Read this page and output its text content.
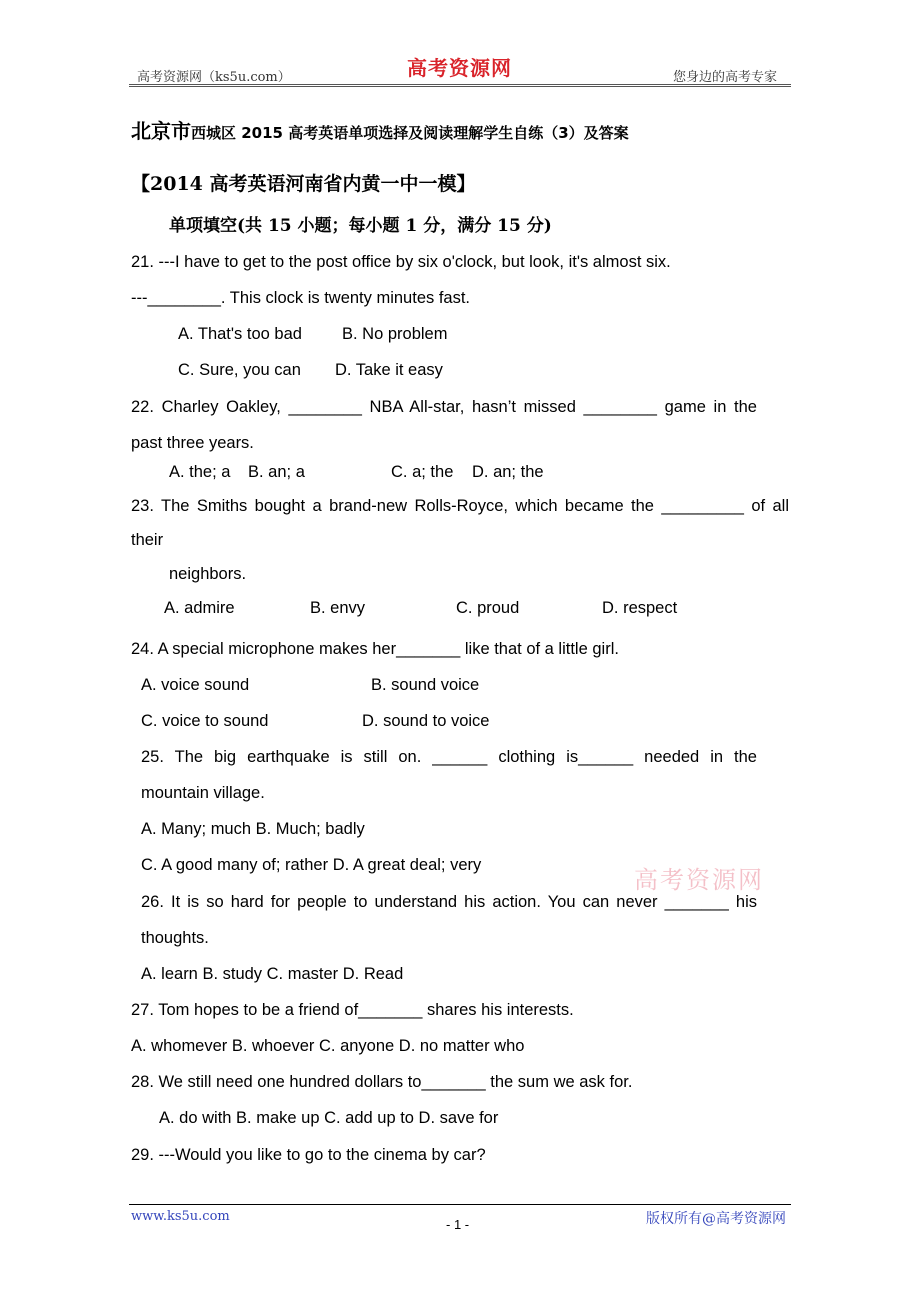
高考资源网（ks5u.com）	高考资源网	您身边的高考专家
北京市西城区 2015 高考英语单项选择及阅读理解学生自练（3）及答案
【2014 高考英语河南省内黄一中一模】
单项填空(共 15 小题；每小题 1 分，满分 15 分)
21. ---I have to get to the post office by six o'clock, but look, it's almost six.
---________. This clock is twenty minutes fast.
A. That's too bad B. No problem
C. Sure, you can D. Take it easy
22. Charley Oakley, ________ NBA All-star, hasn’t missed ________ game in the
past three years.
A. the; a B. an; a	C. a; the D. an; the
23. The Smiths bought a brand-new Rolls-Royce, which became the _________ of all
their
neighbors.
A. admire	B. envy	C. proud	D. respect
24. A special microphone makes her_______ like that of a little girl.
A. voice sound	B. sound voice
C. voice to sound	D. sound to voice
25. The big earthquake is still on. ______ clothing is______ needed in the
mountain village.
A. Many; much B. Much; badly
C. A good many of; rather D. A great deal; very
高考资源网
26. It is so hard for people to understand his action. You can never _______ his
thoughts.
A. learn B. study C. master D. Read
27. Tom hopes to be a friend of_______ shares his interests.
A. whomever B. whoever C. anyone D. no matter who
28. We still need one hundred dollars to_______ the sum we ask for.
A. do with B. make up C. add up to D. save for
29. ---Would you like to go to the cinema by car?
www.ks5u.com
- 1 -	版权所有@高考资源网
